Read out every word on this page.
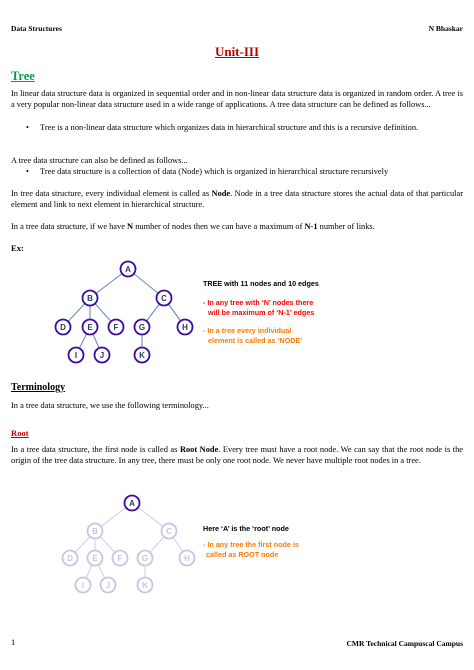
Data Structures	N Bhaskar
Unit-III
Tree
In linear data structure data is organized in sequential order and in non-linear data structure data is organized in random order. A tree is a very popular non-linear data structure used in a wide range of applications. A tree data structure can be defined as follows...
• Tree is a non-linear data structure which organizes data in hierarchical structure and this is a recursive definition.
A tree data structure can also be defined as follows...
• Tree data structure is a collection of data (Node) which is organized in hierarchical structure recursively
In tree data structure, every individual element is called as Node. Node in a tree data structure stores the actual data of that particular element and link to next element in hierarchical structure.
In a tree data structure, if we have N number of nodes then we can have a maximum of N-1 number of links.
Ex:
A
B	C
D	E	F	G	H
I	J	K
TREE with 11 nodes and 10 edges
- In any tree with ‘N’ nodes there
will be maximum of ‘N-1’ edges
- In a tree every individual
element is called as ‘NODE’
Terminology
In a tree data structure, we use the following terminology...
Root
In a tree data structure, the first node is called as Root Node. Every tree must have a root node. We can say that the root node is the origin of the tree data structure. In any tree, there must be only one root node. We never have multiple root nodes in a tree.
A
B	C
D E F G	H
I	J	K
Here ‘A’ is the ‘root’ node
- In any tree the first node is
called as ROOT node
1	CMR Technical Campuscal Campus
